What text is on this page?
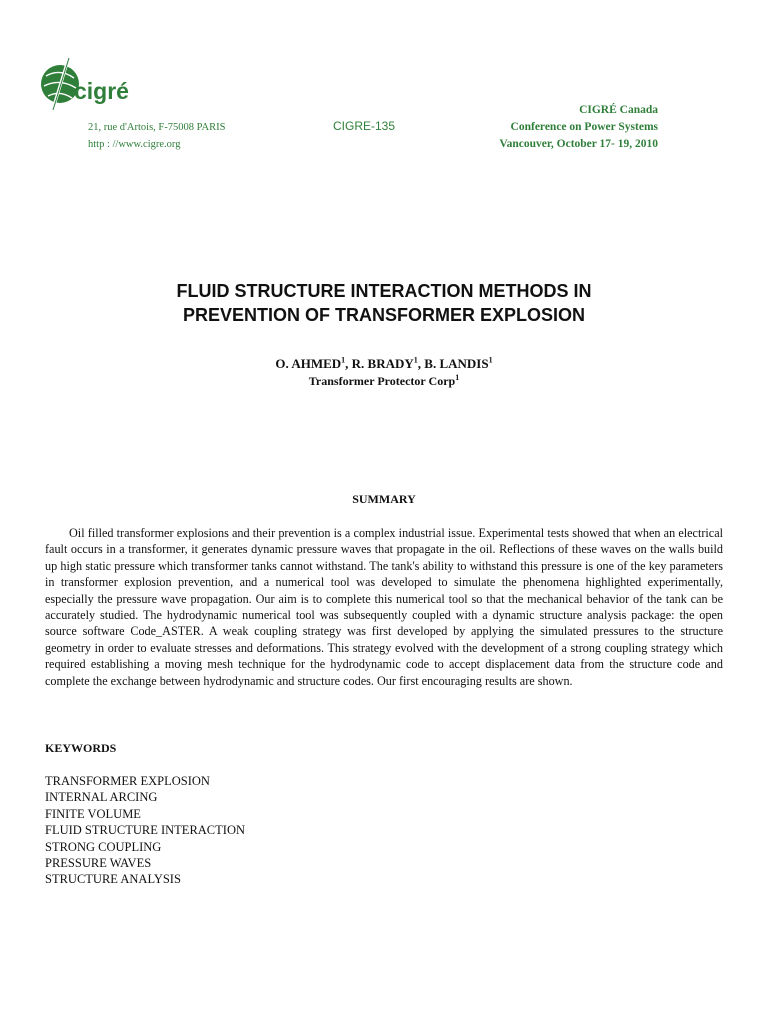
cigré
21, rue d'Artois, F-75008 PARIS
http : //www.cigre.org
CIGRE-135
CIGRÉ Canada
Conference on Power Systems
Vancouver, October 17- 19, 2010
FLUID STRUCTURE INTERACTION METHODS IN
PREVENTION OF TRANSFORMER EXPLOSION
O. AHMED$^1$, R. BRADY$^1$, B. LANDIS$^1$
Transformer Protector Corp$^1$
SUMMARY

Oil filled transformer explosions and their prevention is a complex industrial issue. Experimental tests showed that when an electrical fault occurs in a transformer, it generates dynamic pressure waves that propagate in the oil. Reflections of these waves on the walls build up high static pressure which transformer tanks cannot withstand. The tank's ability to withstand this pressure is one of the key parameters in transformer explosion prevention, and a numerical tool was developed to simulate the phenomena highlighted experimentally, especially the pressure wave propagation. Our aim is to complete this numerical tool so that the mechanical behavior of the tank can be accurately studied. The hydrodynamic numerical tool was subsequently coupled with a dynamic structure analysis package: the open source software Code_ASTER. A weak coupling strategy was first developed by applying the simulated pressures to the structure geometry in order to evaluate stresses and deformations. This strategy evolved with the development of a strong coupling strategy which required establishing a moving mesh technique for the hydrodynamic code to accept displacement data from the structure code and complete the exchange between hydrodynamic and structure codes. Our first encouraging results are shown.

KEYWORDS
TRANSFORMER EXPLOSION
INTERNAL ARCING
FINITE VOLUME
FLUID STRUCTURE INTERACTION
STRONG COUPLING
PRESSURE WAVES
STRUCTURE ANALYSIS
